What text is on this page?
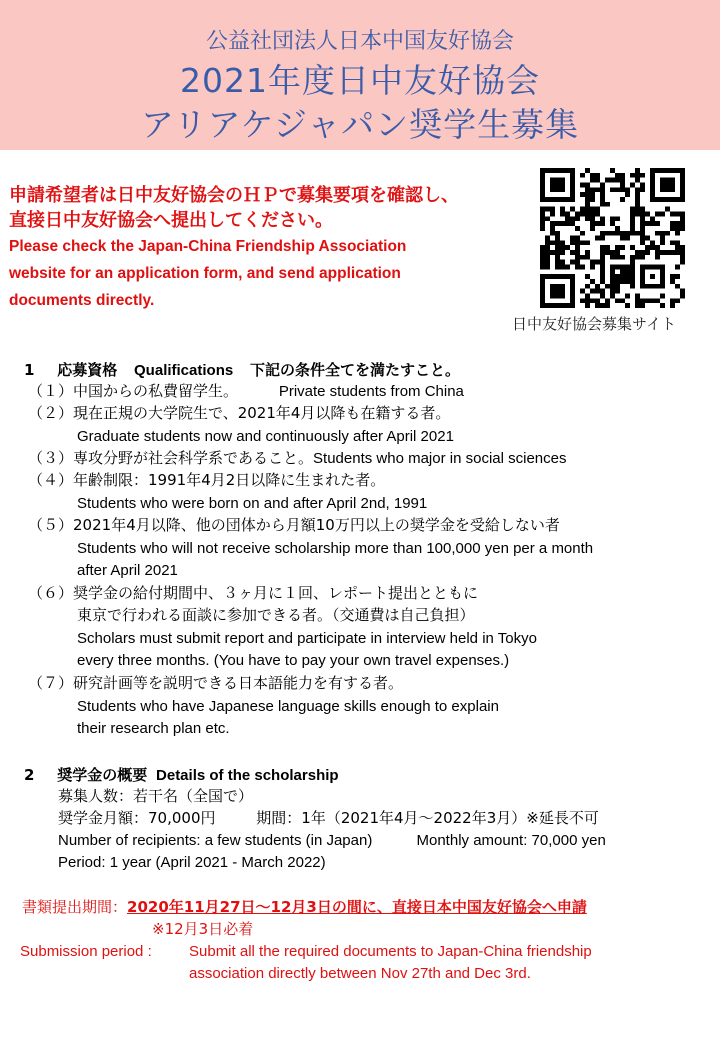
公益社団法人日本中国友好協会
2021年度日中友好協会
アリアケジャパン奨学生募集
申請希望者は日中友好協会のＨＰで募集要項を確認し、
直接日中友好協会へ提出してください。
Please check the Japan-China Friendship Association
website for an application form, and send application
documents directly.
日中友好協会募集サイト
1 応募資格 Qualifications 下記の条件全てを満たすこと。
（１）中国からの私費留学生。	Private students from China
（２）現在正規の大学院生で、2021年4月以降も在籍する者。
Graduate students now and continuously after April 2021
（３）専攻分野が社会科学系であること。Students who major in social sciences
（４）年齢制限：1991年4月2日以降に生まれた者。
Students who were born on and after April 2nd, 1991
（５）2021年4月以降、他の団体から月額10万円以上の奨学金を受給しない者
Students who will not receive scholarship more than 100,000 yen per a month
after April 2021
（６）奨学金の給付期間中、３ヶ月に１回、レポート提出とともに
東京で行われる面談に参加できる者。（交通費は自己負担）
Scholars must submit report and participate in interview held in Tokyo
every three months. (You have to pay your own travel expenses.)
（７）研究計画等を説明できる日本語能力を有する者。
Students who have Japanese language skills enough to explain
their research plan etc.
2 奨学金の概要 Details of the scholarship
募集人数：若干名（全国で）
奨学金月額：70,000円	期間：1年（2021年4月～2022年3月）※延長不可
Number of recipients: a few students (in Japan)	Monthly amount: 70,000 yen
Period: 1 year (April 2021 - March 2022)
書類提出期間：2020年11月27日～12月3日の間に、直接日本中国友好協会へ申請
※12月3日必着
Submission period : Submit all the required documents to Japan-China friendship
association directly between Nov 27th and Dec 3rd.
